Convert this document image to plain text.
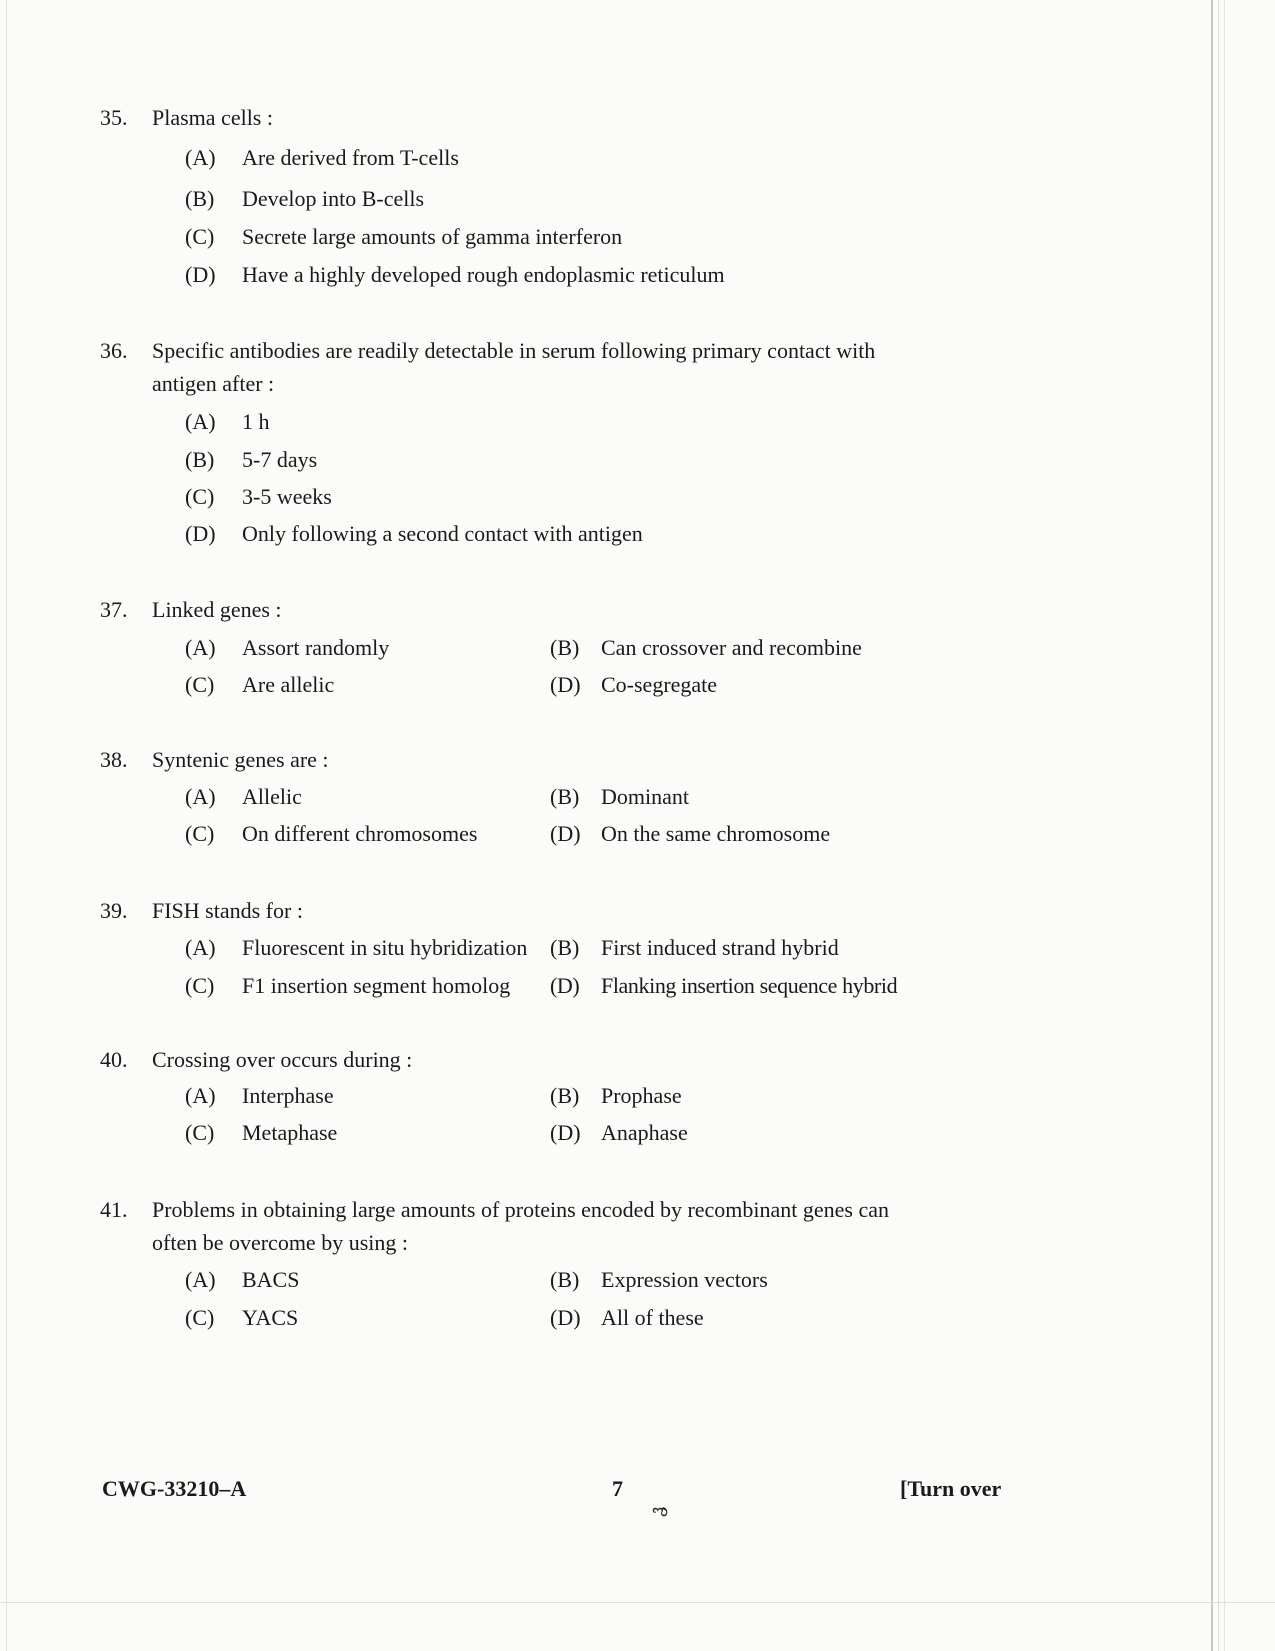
35.	Plasma cells :
(A) Are derived from T-cells
(B) Develop into B-cells
(C) Secrete large amounts of gamma interferon
(D) Have a highly developed rough endoplasmic reticulum
36.	Specific antibodies are readily detectable in serum following primary contact with
antigen after :
(A) 1 h
(B) 5-7 days
(C) 3-5 weeks
(D) Only following a second contact with antigen
37.	Linked genes :
(A) Assort randomly	(B) Can crossover and recombine
(C) Are allelic	(D) Co-segregate
38.	Syntenic genes are :
(A) Allelic	(B) Dominant
(C) On different chromosomes	(D) On the same chromosome
39.	FISH stands for :
(A) Fluorescent in situ hybridization (B) First induced strand hybrid
(C) F1 insertion segment homolog (D) Flanking insertion sequence hybrid
40.	Crossing over occurs during :
(A) Interphase	(B) Prophase
(C) Metaphase	(D) Anaphase
41.	Problems in obtaining large amounts of proteins encoded by recombinant genes can
often be overcome by using :
(A) BACS	(B) Expression vectors
(C) YACS	(D) All of these
CWG-33210–A	7
ಌ
[Turn over
